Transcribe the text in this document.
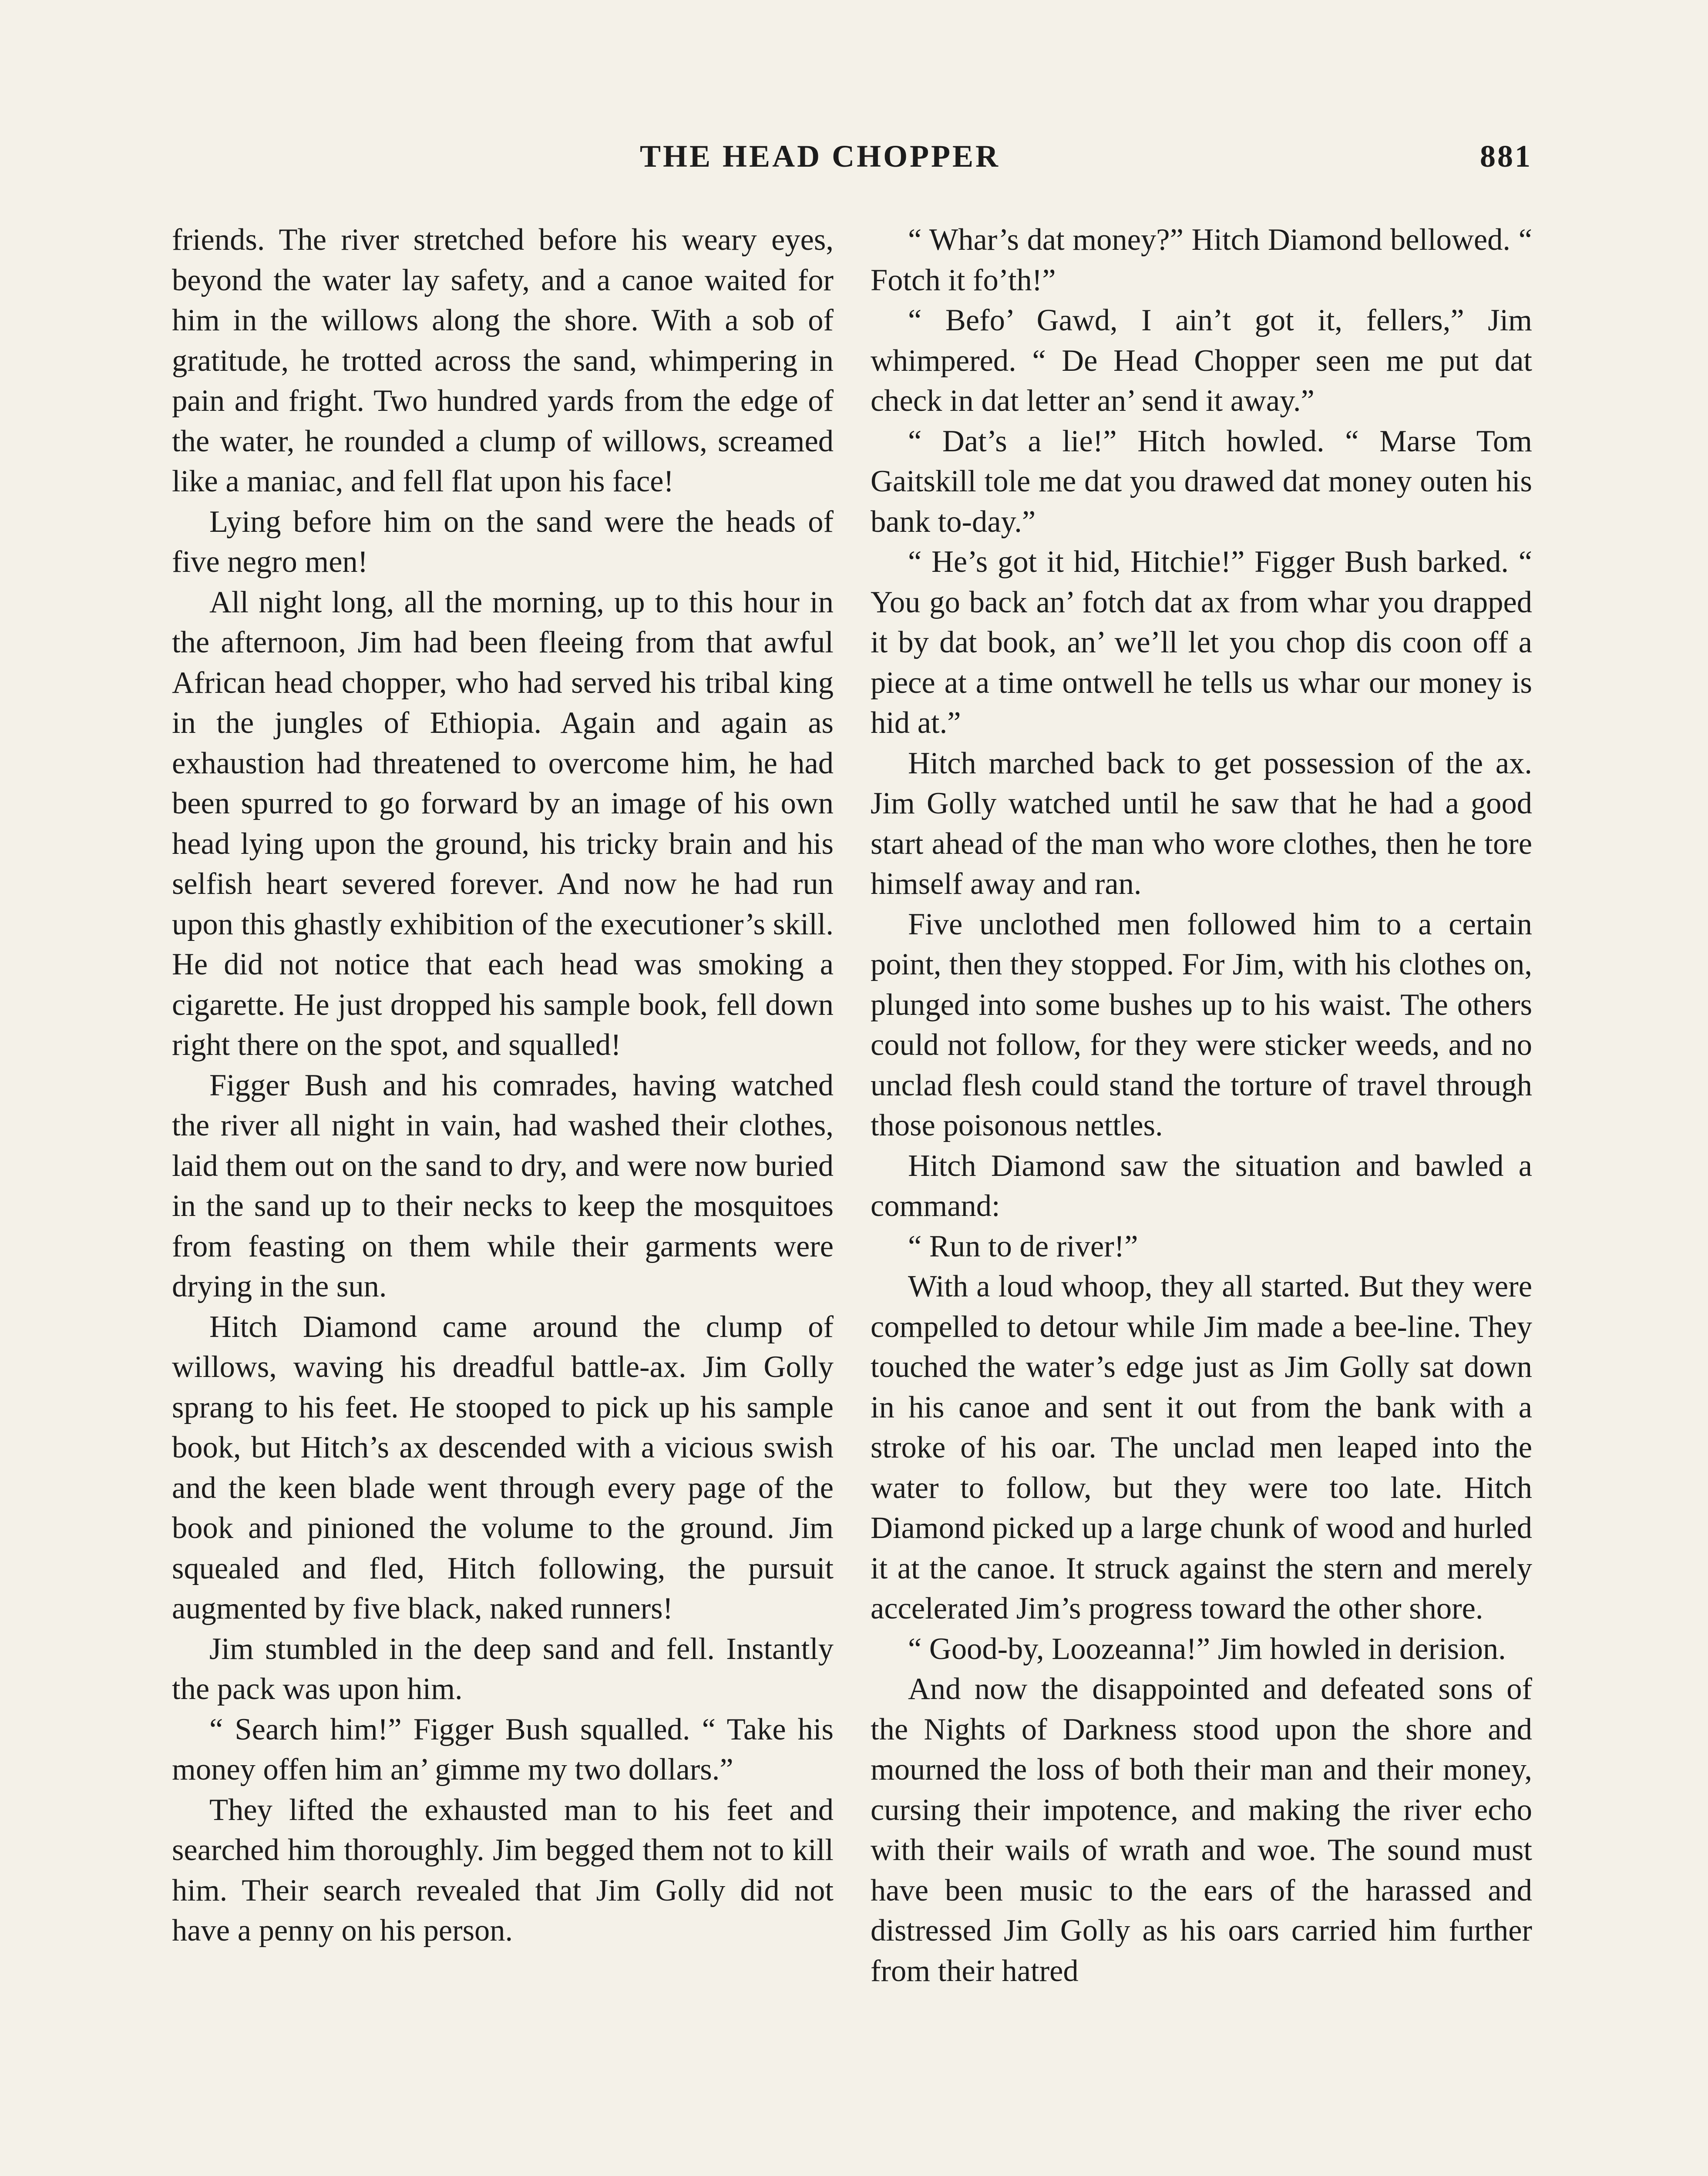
THE HEAD CHOPPER	881

friends. The river stretched before his weary eyes, beyond the water lay safety, and a canoe waited for him in the willows along the shore. With a sob of gratitude, he trotted across the sand, whimpering in pain and fright. Two hundred yards from the edge of the water, he rounded a clump of willows, screamed like a maniac, and fell flat upon his face!

Lying before him on the sand were the heads of five negro men!

All night long, all the morning, up to this hour in the afternoon, Jim had been fleeing from that awful African head chopper, who had served his tribal king in the jungles of Ethiopia. Again and again as exhaustion had threatened to overcome him, he had been spurred to go forward by an image of his own head lying upon the ground, his tricky brain and his selfish heart severed forever. And now he had run upon this ghastly exhibition of the executioner’s skill. He did not notice that each head was smoking a cigarette. He just dropped his sample book, fell down right there on the spot, and squalled!

Figger Bush and his comrades, having watched the river all night in vain, had washed their clothes, laid them out on the sand to dry, and were now buried in the sand up to their necks to keep the mosquitoes from feasting on them while their garments were drying in the sun.

Hitch Diamond came around the clump of willows, waving his dreadful battle-ax. Jim Golly sprang to his feet. He stooped to pick up his sample book, but Hitch’s ax descended with a vicious swish and the keen blade went through every page of the book and pinioned the volume to the ground. Jim squealed and fled, Hitch following, the pursuit augmented by five black, naked runners!

Jim stumbled in the deep sand and fell. Instantly the pack was upon him.

“ Search him!” Figger Bush squalled. “ Take his money offen him an’ gimme my two dollars.”

They lifted the exhausted man to his feet and searched him thoroughly. Jim begged them not to kill him. Their search revealed that Jim Golly did not have a penny on his person.

“ Whar’s dat money?” Hitch Diamond bellowed. “ Fotch it fo’th!”

“ Befo’ Gawd, I ain’t got it, fellers,” Jim whimpered. “ De Head Chopper seen me put dat check in dat letter an’ send it away.”

“ Dat’s a lie!” Hitch howled. “ Marse Tom Gaitskill tole me dat you drawed dat money outen his bank to-day.”

“ He’s got it hid, Hitchie!” Figger Bush barked. “ You go back an’ fotch dat ax from whar you drapped it by dat book, an’ we’ll let you chop dis coon off a piece at a time ontwell he tells us whar our money is hid at.”

Hitch marched back to get possession of the ax. Jim Golly watched until he saw that he had a good start ahead of the man who wore clothes, then he tore himself away and ran.

Five unclothed men followed him to a certain point, then they stopped. For Jim, with his clothes on, plunged into some bushes up to his waist. The others could not follow, for they were sticker weeds, and no unclad flesh could stand the torture of travel through those poisonous nettles.

Hitch Diamond saw the situation and bawled a command:

“ Run to de river!”

With a loud whoop, they all started. But they were compelled to detour while Jim made a bee-line. They touched the water’s edge just as Jim Golly sat down in his canoe and sent it out from the bank with a stroke of his oar. The unclad men leaped into the water to follow, but they were too late. Hitch Diamond picked up a large chunk of wood and hurled it at the canoe. It struck against the stern and merely accelerated Jim’s progress toward the other shore.

“ Good-by, Loozeanna!” Jim howled in derision.

And now the disappointed and defeated sons of the Nights of Darkness stood upon the shore and mourned the loss of both their man and their money, cursing their impotence, and making the river echo with their wails of wrath and woe. The sound must have been music to the ears of the harassed and distressed Jim Golly as his oars carried him further from their hatred
